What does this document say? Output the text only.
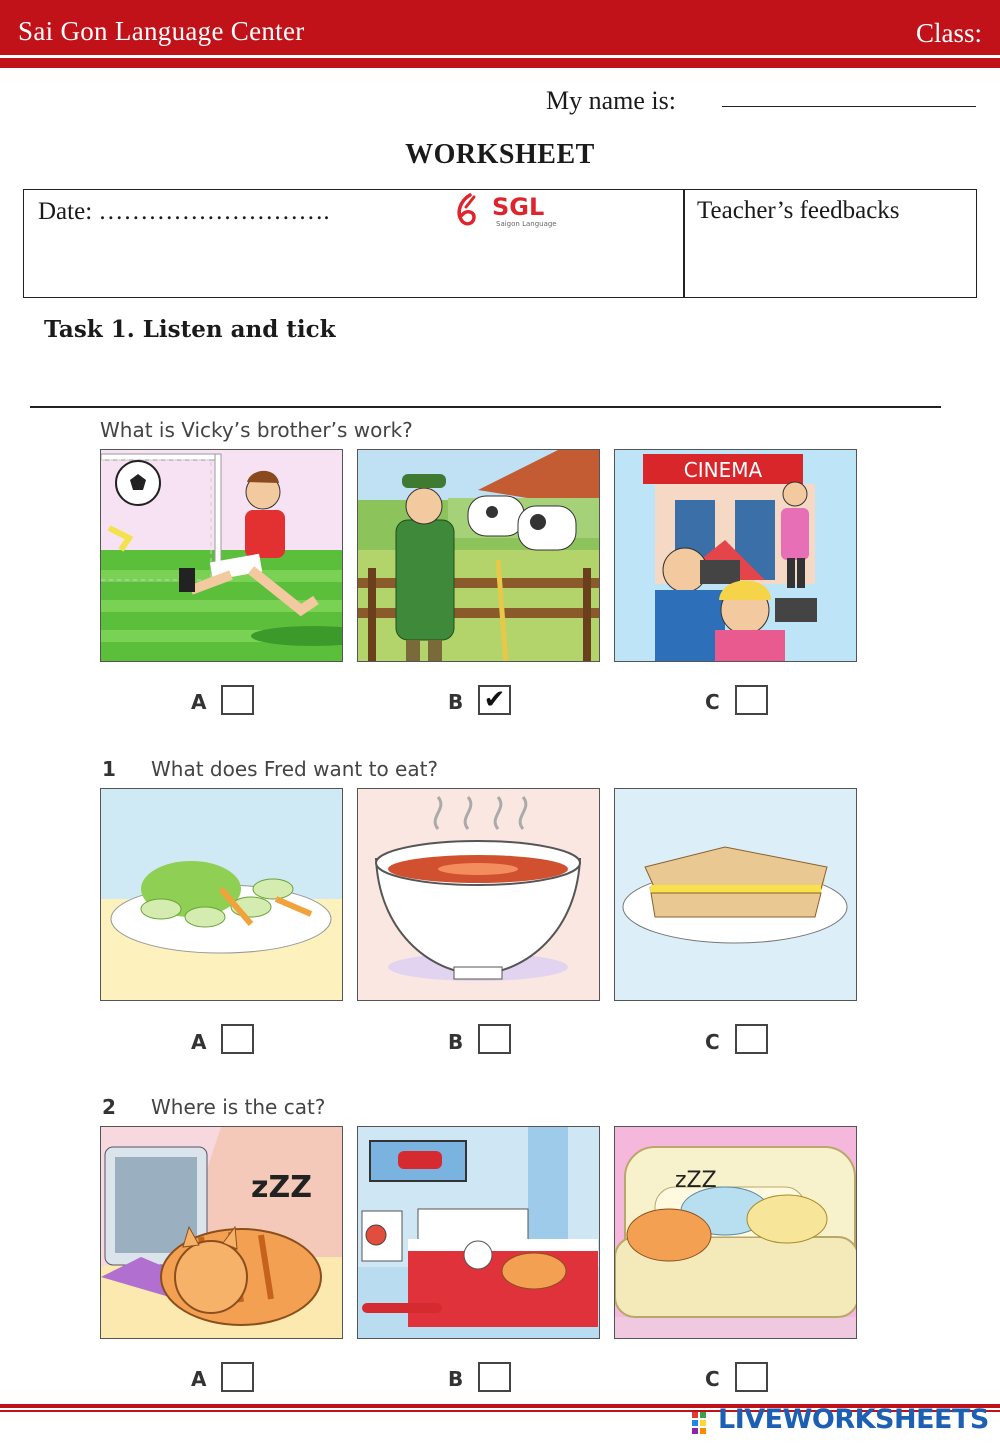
Sai Gon Language Center	Class:
My name is:
WORKSHEET
Date: ……………………….	Teacher’s feedbacks
SGL
Saigon Language
Task 1. Listen and tick
What is Vicky’s brother’s work?
CINEMA
A	B ✔	C
1 What does Fred want to eat?
A	B	C
2 Where is the cat?
zZZ	zZZ
A	B	C
LIVEWORKSHEETS
